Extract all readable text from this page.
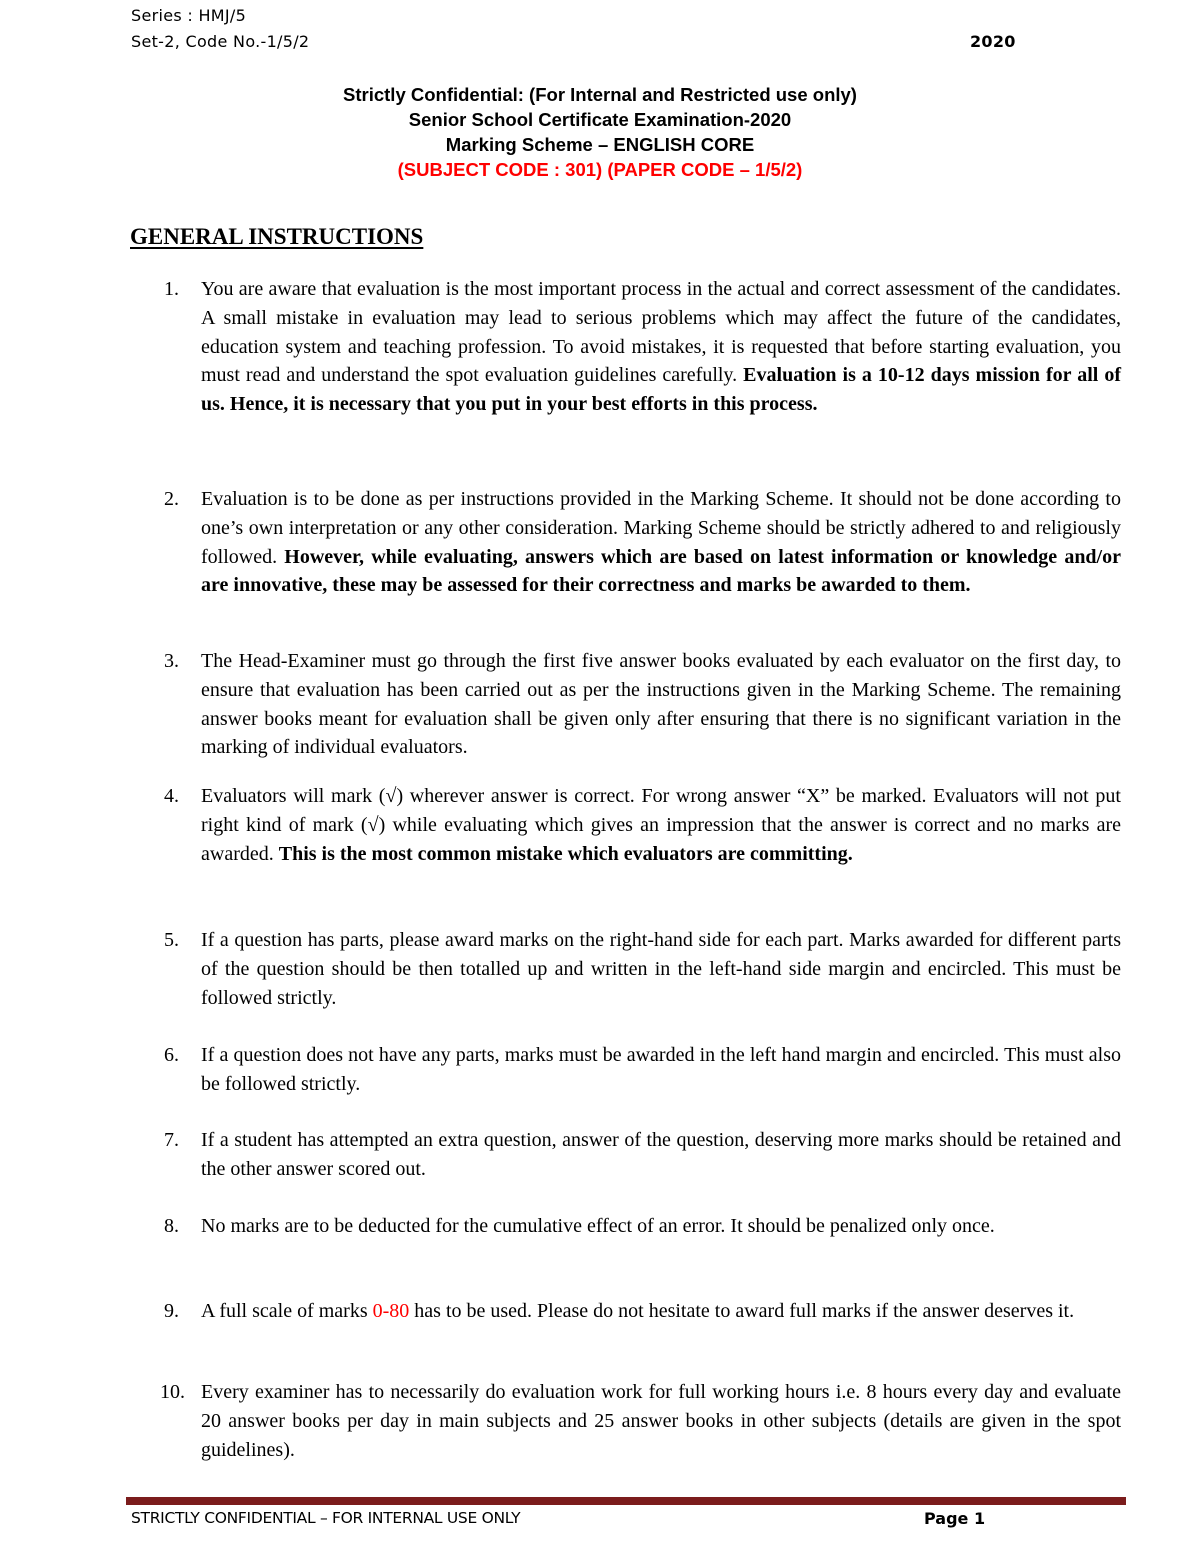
Series : HMJ/5
Set-2, Code No.-1/5/2	2020
Strictly Confidential: (For Internal and Restricted use only)
Senior School Certificate Examination-2020
Marking Scheme – ENGLISH CORE
(SUBJECT CODE : 301) (PAPER CODE – 1/5/2)
GENERAL INSTRUCTIONS
1. You are aware that evaluation is the most important process in the actual and correct assessment of the candidates. A small mistake in evaluation may lead to serious problems which may affect the future of the candidates, education system and teaching profession. To avoid mistakes, it is requested that before starting evaluation, you must read and understand the spot evaluation guidelines carefully. Evaluation is a 10-12 days mission for all of us. Hence, it is necessary that you put in your best efforts in this process.
2. Evaluation is to be done as per instructions provided in the Marking Scheme. It should not be done according to one’s own interpretation or any other consideration. Marking Scheme should be strictly adhered to and religiously followed. However, while evaluating, answers which are based on latest information or knowledge and/or are innovative, these may be assessed for their correctness and marks be awarded to them.
3. The Head-Examiner must go through the first five answer books evaluated by each evaluator on the first day, to ensure that evaluation has been carried out as per the instructions given in the Marking Scheme. The remaining answer books meant for evaluation shall be given only after ensuring that there is no significant variation in the marking of individual evaluators.
4. Evaluators will mark (√) wherever answer is correct. For wrong answer “X” be marked. Evaluators will not put right kind of mark (√) while evaluating which gives an impression that the answer is correct and no marks are awarded. This is the most common mistake which evaluators are committing.
5. If a question has parts, please award marks on the right-hand side for each part. Marks awarded for different parts of the question should be then totalled up and written in the left-hand side margin and encircled. This must be followed strictly.
6. If a question does not have any parts, marks must be awarded in the left hand margin and encircled. This must also be followed strictly.
7. If a student has attempted an extra question, answer of the question, deserving more marks should be retained and the other answer scored out.
8. No marks are to be deducted for the cumulative effect of an error. It should be penalized only once.
9. A full scale of marks 0-80 has to be used. Please do not hesitate to award full marks if the answer deserves it.
10. Every examiner has to necessarily do evaluation work for full working hours i.e. 8 hours every day and evaluate 20 answer books per day in main subjects and 25 answer books in other subjects (details are given in the spot guidelines).
STRICTLY CONFIDENTIAL – FOR INTERNAL USE ONLY	Page 1
